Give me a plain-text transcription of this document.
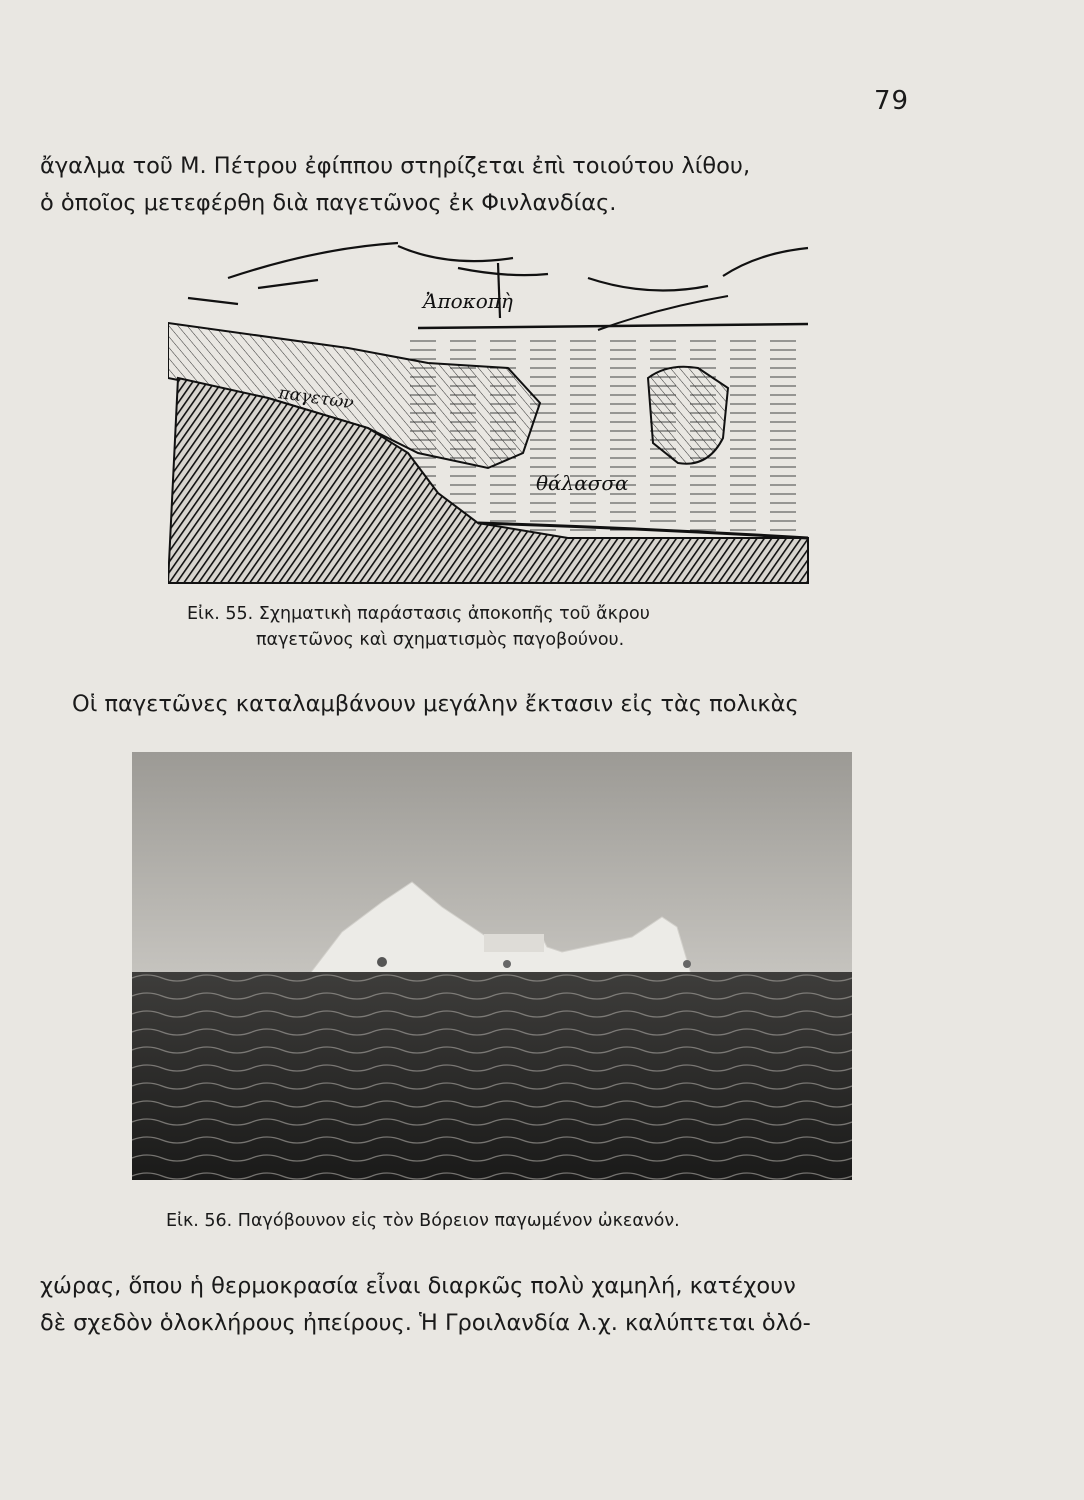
79
ἄγαλμα τοῦ Μ. Πέτρου ἐφίππου στηρίζεται ἐπὶ τοιούτου λίθου,
ὁ ὁποῖος μετεφέρθη διὰ παγετῶνος ἐκ Φινλανδίας.
Ἀποκοπὴ
παγετών
θάλασσα
Εἰκ. 55. Σχηματικὴ παράστασις ἀποκοπῆς τοῦ ἄκρου
παγετῶνος καὶ σχηματισμὸς παγοβούνου.
Οἱ παγετῶνες καταλαμβάνουν μεγάλην ἔκτασιν εἰς τὰς πολικὰς
Εἰκ. 56. Παγόβουνον εἰς τὸν Βόρειον παγωμένον ὠκεανόν.
χώρας, ὅπου ἡ θερμοκρασία εἶναι διαρκῶς πολὺ χαμηλή, κατέχουν
δὲ σχεδὸν ὁλοκλήρους ἠπείρους. Ἡ Γροιλανδία λ.χ. καλύπτεται ὁλό-
